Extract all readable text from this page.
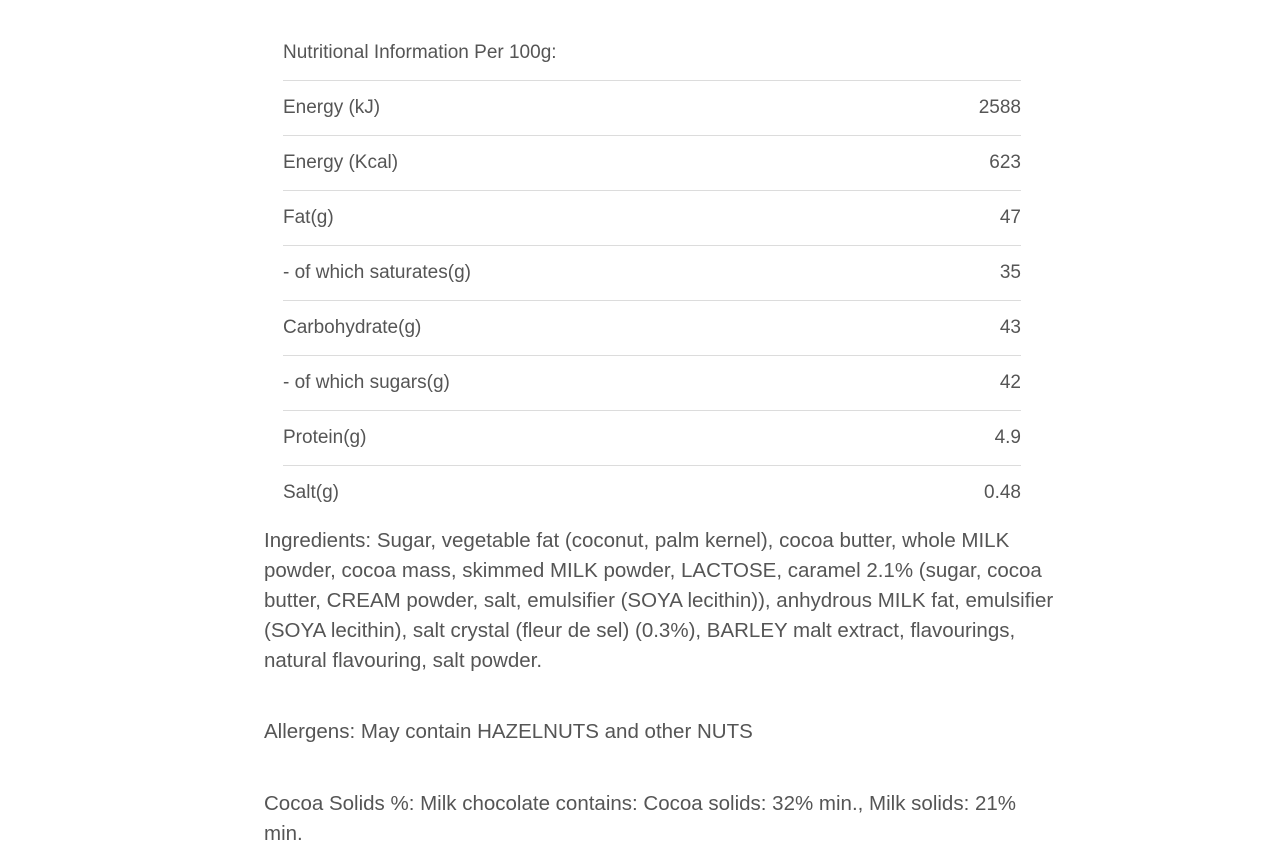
Nutritional Information Per 100g:
Energy (kJ)	2588
Energy (Kcal)	623
Fat(g)	47
- of which saturates(g)	35
Carbohydrate(g)	43
- of which sugars(g)	42
Protein(g)	4.9
Salt(g)	0.48

Ingredients: Sugar, vegetable fat (coconut, palm kernel), cocoa butter, whole MILK powder, cocoa mass, skimmed MILK powder, LACTOSE, caramel 2.1% (sugar, cocoa butter, CREAM powder, salt, emulsifier (SOYA lecithin)), anhydrous MILK fat, emulsifier (SOYA lecithin), salt crystal (fleur de sel) (0.3%), BARLEY malt extract, flavourings, natural flavouring, salt powder.

Allergens: May contain HAZELNUTS and other NUTS

Cocoa Solids %: Milk chocolate contains: Cocoa solids: 32% min., Milk solids: 21% min.
